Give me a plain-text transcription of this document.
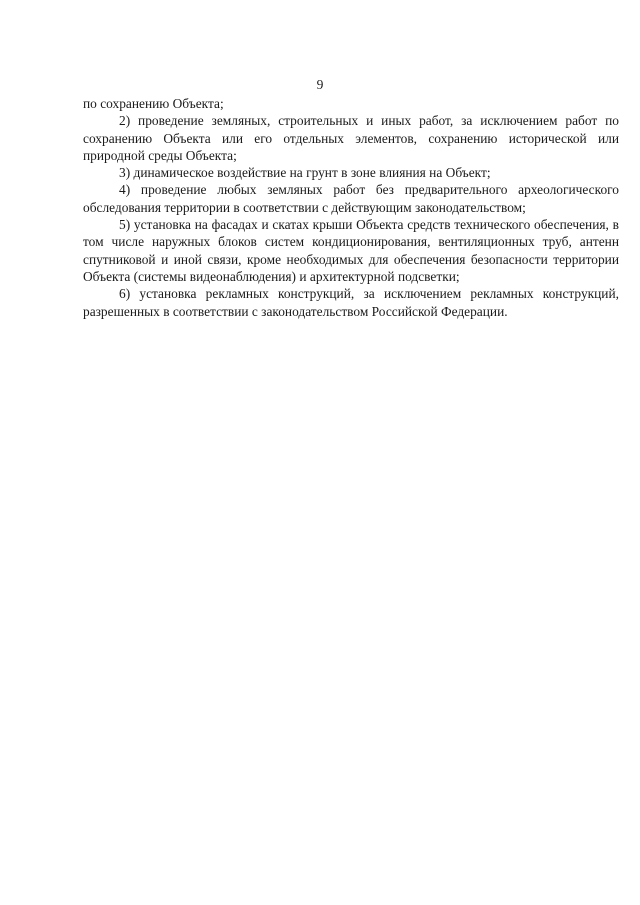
9

по сохранению Объекта;

2) проведение земляных, строительных и иных работ, за исключением работ по сохранению Объекта или его отдельных элементов, сохранению исторической или природной среды Объекта;

3) динамическое воздействие на грунт в зоне влияния на Объект;

4) проведение любых земляных работ без предварительного археологического обследования территории в соответствии с действующим законодательством;

5) установка на фасадах и скатах крыши Объекта средств технического обеспечения, в том числе наружных блоков систем кондиционирования, вентиляционных труб, антенн спутниковой и иной связи, кроме необходимых для обеспечения безопасности территории Объекта (системы видеонаблюдения) и архитектурной подсветки;

6) установка рекламных конструкций, за исключением рекламных конструкций, разрешенных в соответствии с законодательством Российской Федерации.
